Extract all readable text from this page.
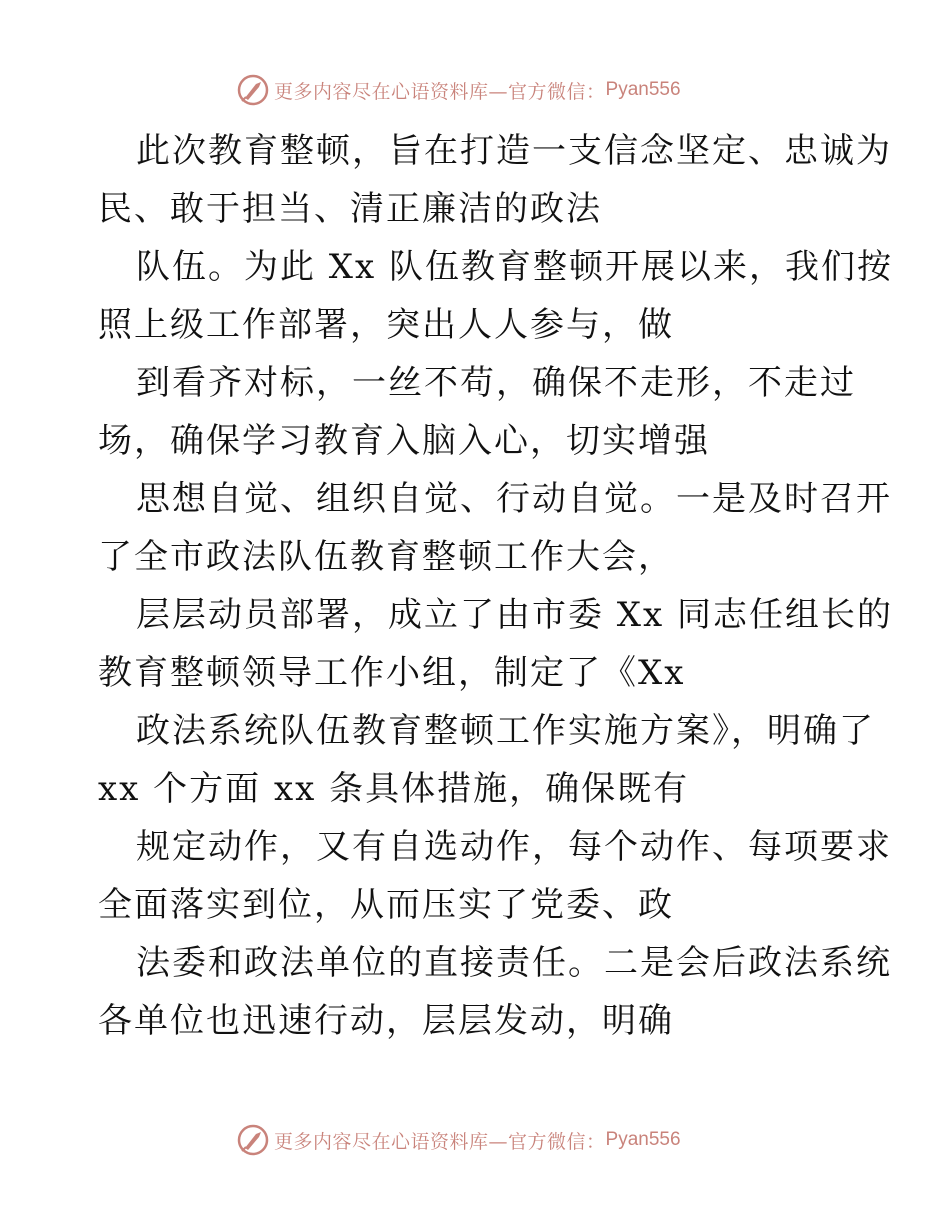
更多内容尽在心语资料库—官方微信： Pyan556
此次教育整顿，旨在打造一支信念坚定、忠诚为
民、敢于担当、清正廉洁的政法
队伍。为此 Xx 队伍教育整顿开展以来，我们按
照上级工作部署，突出人人参与，做
到看齐对标，一丝不苟，确保不走形，不走过
场，确保学习教育入脑入心，切实增强
思想自觉、组织自觉、行动自觉。一是及时召开
了全市政法队伍教育整顿工作大会，
层层动员部署，成立了由市委 Xx 同志任组长的
教育整顿领导工作小组，制定了《Xx
政法系统队伍教育整顿工作实施方案》，明确了
xx 个方面 xx 条具体措施，确保既有
规定动作，又有自选动作，每个动作、每项要求
全面落实到位，从而压实了党委、政
法委和政法单位的直接责任。二是会后政法系统
各单位也迅速行动，层层发动，明确
更多内容尽在心语资料库—官方微信： Pyan556
